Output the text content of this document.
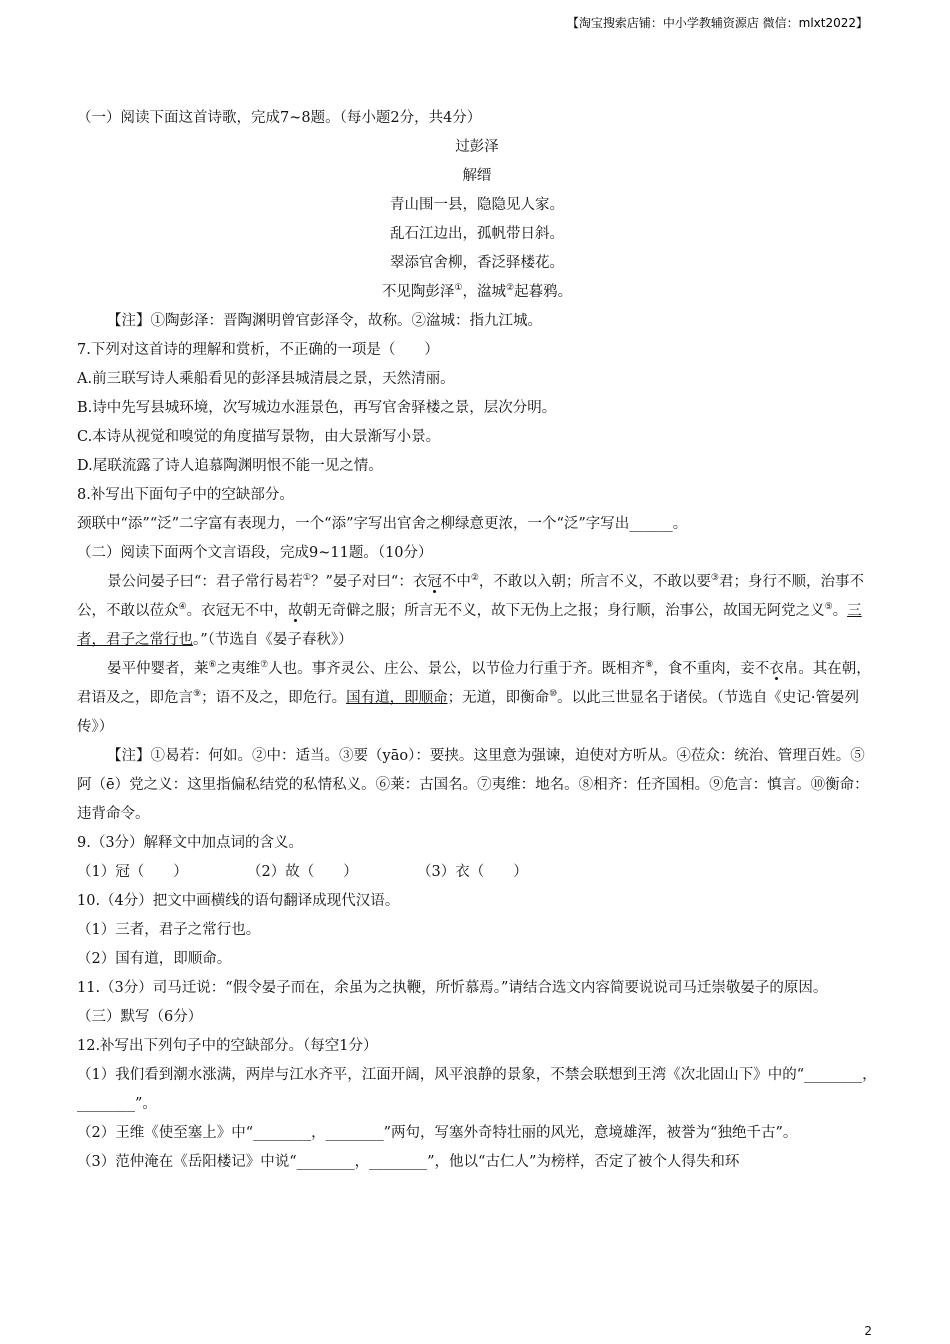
【淘宝搜索店铺：中小学教辅资源店 微信：mlxt2022】
（一）阅读下面这首诗歌，完成7~8题。（每小题2分，共4分）
过彭泽
解缙
青山围一县，隐隐见人家。
乱石江边出，孤帆带日斜。
翠添官舍柳，香泛驿楼花。
不见陶彭泽①，湓城②起暮鸦。
【注】①陶彭泽：晋陶渊明曾官彭泽令，故称。②湓城：指九江城。
7.下列对这首诗的理解和赏析，不正确的一项是（　　）
A.前三联写诗人乘船看见的彭泽县城清晨之景，天然清丽。
B.诗中先写县城环境，次写城边水涯景色，再写官舍驿楼之景，层次分明。
C.本诗从视觉和嗅觉的角度描写景物，由大景渐写小景。
D.尾联流露了诗人追慕陶渊明恨不能一见之情。
8.补写出下面句子中的空缺部分。
颈联中“添”“泛”二字富有表现力，一个“添”字写出官舍之柳绿意更浓，一个“泛”字写出______。
（二）阅读下面两个文言语段，完成9~11题。（10分）
景公问晏子曰“：君子常行曷若①？”晏子对曰“：衣冠不中②，不敢以入朝；所言不义，不敢以要③君；身行不顺，治事不公，不敢以莅众④。衣冠无不中，故朝无奇僻之服；所言无不义，故下无伪上之报；身行顺，治事公，故国无阿党之义⑤。三者，君子之常行也。”（节选自《晏子春秋》）
晏平仲婴者，莱⑥之夷维⑦人也。事齐灵公、庄公、景公，以节俭力行重于齐。既相齐⑧，食不重肉，妾不衣帛。其在朝，君语及之，即危言⑨；语不及之，即危行。国有道，即顺命；无道，即衡命⑩。以此三世显名于诸侯。（节选自《史记·管晏列传》）
【注】①曷若：何如。②中：适当。③要（yāo）：要挟。这里意为强谏，迫使对方听从。④莅众：统治、管理百姓。⑤阿（ē）党之义：这里指偏私结党的私情私义。⑥莱：古国名。⑦夷维：地名。⑧相齐：任齐国相。⑨危言：慎言。⑩衡命：违背命令。
9.（3分）解释文中加点词的含义。
（1）冠（　　）	（2）故（　　）	（3）衣（　　）
10.（4分）把文中画横线的语句翻译成现代汉语。
（1）三者，君子之常行也。
（2）国有道，即顺命。
11.（3分）司马迁说：“假令晏子而在，余虽为之执鞭，所忻慕焉。”请结合选文内容简要说说司马迁崇敬晏子的原因。
（三）默写（6分）
12.补写出下列句子中的空缺部分。（每空1分）
（1）我们看到潮水涨满，两岸与江水齐平，江面开阔，风平浪静的景象，不禁会联想到王湾《次北固山下》中的“________，________”。
（2）王维《使至塞上》中“________，________”两句，写塞外奇特壮丽的风光，意境雄浑，被誉为“独绝千古”。
（3）范仲淹在《岳阳楼记》中说“________，________”，他以“古仁人”为榜样，否定了被个人得失和环
2
